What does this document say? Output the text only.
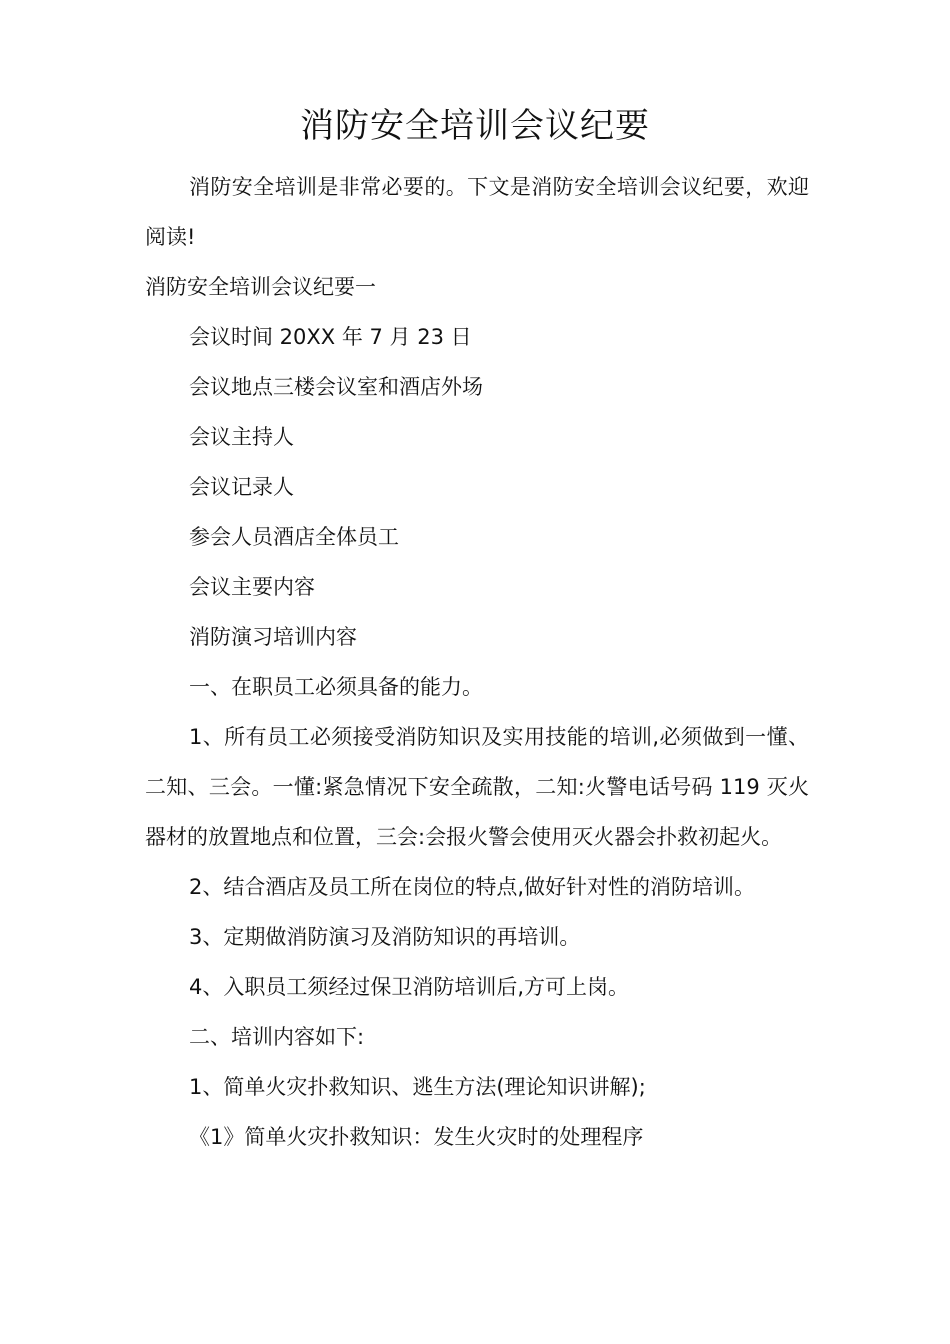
消防安全培训会议纪要

消防安全培训是非常必要的。下文是消防安全培训会议纪要，欢迎阅读!

消防安全培训会议纪要一

会议时间 20XX 年 7 月 23 日

会议地点三楼会议室和酒店外场

会议主持人

会议记录人

参会人员酒店全体员工

会议主要内容

消防演习培训内容

一、在职员工必须具备的能力。

1、所有员工必须接受消防知识及实用技能的培训,必须做到一懂、二知、三会。一懂:紧急情况下安全疏散，二知:火警电话号码 119 灭火器材的放置地点和位置，三会:会报火警会使用灭火器会扑救初起火。

2、结合酒店及员工所在岗位的特点,做好针对性的消防培训。

3、定期做消防演习及消防知识的再培训。

4、入职员工须经过保卫消防培训后,方可上岗。

二、培训内容如下:

1、简单火灾扑救知识、逃生方法(理论知识讲解);

《1》简单火灾扑救知识：发生火灾时的处理程序
